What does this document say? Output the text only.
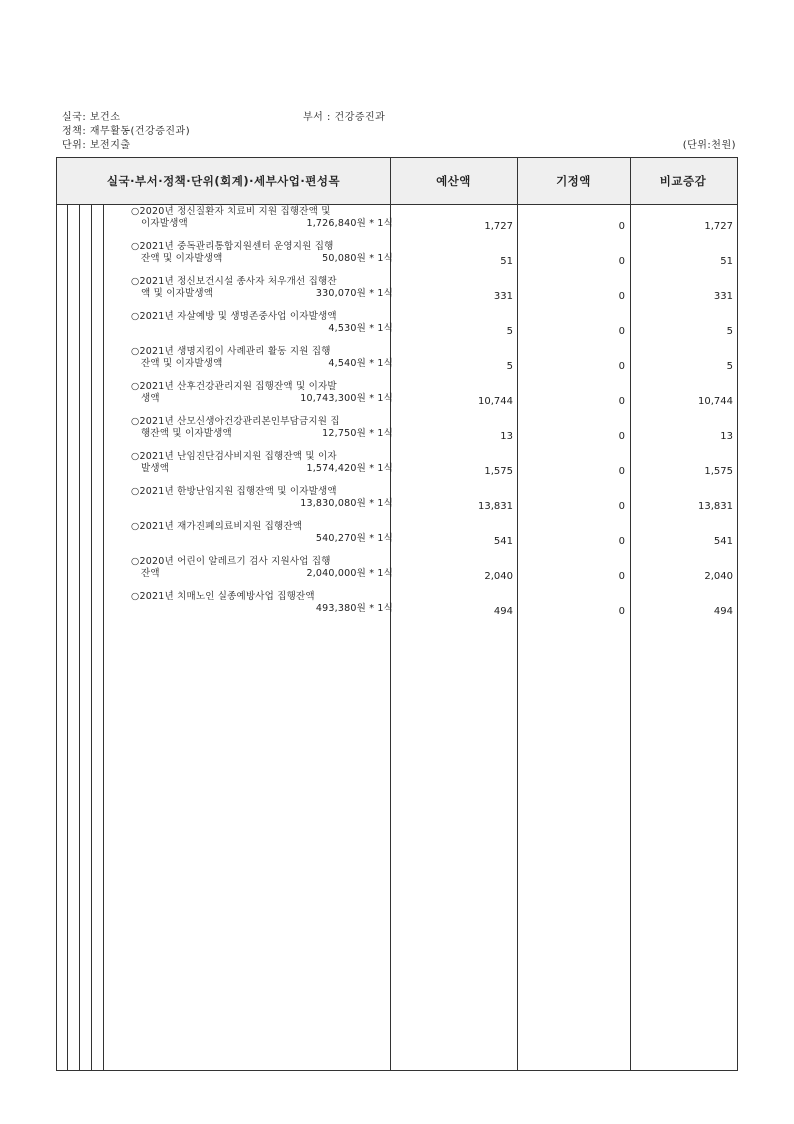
실국: 보건소	부서 : 건강증진과
정책: 재무활동(건강증진과)
단위: 보전지출	(단위:천원)
실국·부서·정책·단위(회계)·세부사업·편성목	예산액	기정액	비교증감
○2020년 정신질환자 치료비 지원 집행잔액 및
이자발생액	1,726,840원 * 1식	1,727	0	1,727
○2021년 중독관리통합지원센터 운영지원 집행
잔액 및 이자발생액	50,080원 * 1식	51	0	51
○2021년 정신보건시설 종사자 처우개선 집행잔
액 및 이자발생액	330,070원 * 1식	331	0	331
○2021년 자살예방 및 생명존중사업 이자발생액
4,530원 * 1식	5	0	5
○2021년 생명지킴이 사례관리 활동 지원 집행
잔액 및 이자발생액	4,540원 * 1식	5	0	5
○2021년 산후건강관리지원 집행잔액 및 이자발
생액	10,743,300원 * 1식	10,744	0	10,744
○2021년 산모신생아건강관리본인부담금지원 집
행잔액 및 이자발생액	12,750원 * 1식	13	0	13
○2021년 난임진단검사비지원 집행잔액 및 이자
발생액	1,574,420원 * 1식	1,575	0	1,575
○2021년 한방난임지원 집행잔액 및 이자발생액
13,830,080원 * 1식	13,831	0	13,831
○2021년 재가진폐의료비지원 집행잔액
540,270원 * 1식	541	0	541
○2020년 어린이 알레르기 검사 지원사업 집행
잔액	2,040,000원 * 1식	2,040	0	2,040
○2021년 치매노인 실종예방사업 집행잔액
493,380원 * 1식	494	0	494
